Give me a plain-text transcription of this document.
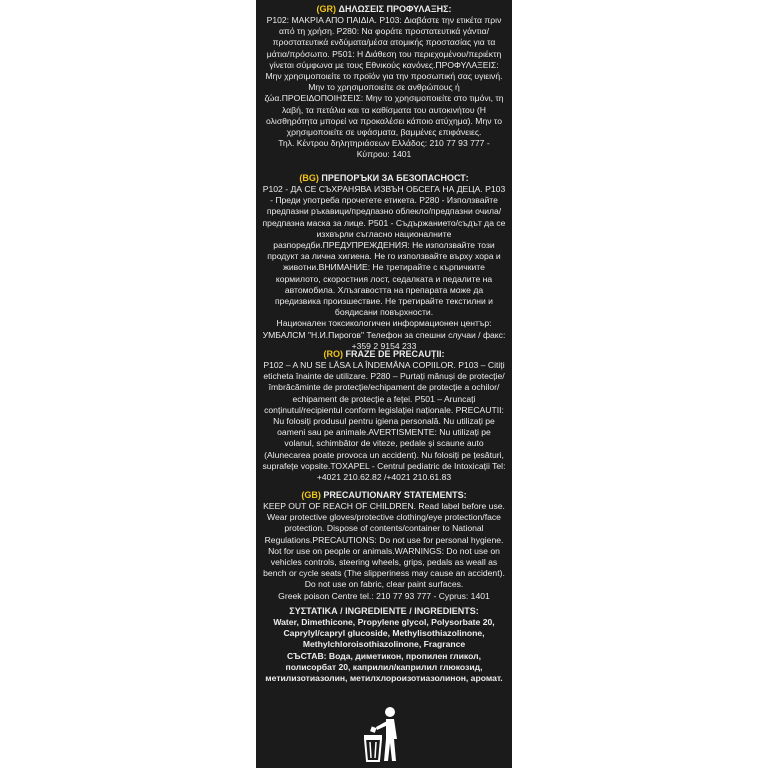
(GR) ΔΗΛΩΣΕΙΣ ΠΡΟΦΥΛΑΞΗΣ:

P102: ΜΑΚΡΙΑ ΑΠΟ ΠΑΙΔΙΑ. P103: Διαβάστε την ετικέτα πριν από τη χρήση. P280: Να φοράτε προστατευτικά γάντια/προστατευτικά ενδύματα/μέσα ατομικής προστασίας για τα μάτια/πρόσωπο. P501: Η Διάθεση του περιεχομένου/περιέκτη γίνεται σύμφωνα με τους Εθνικούς κανόνες.ΠΡΟΦΥΛΑΞΕΙΣ: Μην χρησιμοποιείτε το προϊόν για την προσωπική σας υγιεινή. Μην το χρησιμοποιείτε σε ανθρώπους ή ζώα.ΠΡΟΕΙΔΟΠΟΙΗΣΕΙΣ: Μην το χρησιμοποιείτε στο τιμόνι, τη λαβή, τα πετάλια και τα καθίσματα του αυτοκινήτου (Η ολισθηρότητα μπορεί να προκαλέσει κάποιο ατύχημα). Μην το χρησιμοποιείτε σε υφάσματα, βαμμένες επιφάνειες.

Τηλ. Κέντρου δηλητηριάσεων Ελλάδος: 210 77 93 777 - Κύπρου: 1401

(BG) ПРЕПОРЪКИ ЗА БЕЗОПАСНОСТ:

P102 - ДА СЕ СЪХРАНЯВА ИЗВЪН ОБСЕГА НА ДЕЦА. P103 - Преди употреба прочетете етикета. P280 - Използвайте предпазни ръкавици/предпазно облекло/предпазни очила/предпазна маска за лице. P501 - Съдържанието/съдът да се изхвърли съгласно националните разпоредби.ПРЕДУПРЕЖДЕНИЯ: Не използвайте този продукт за лична хигиена. Не го използвайте върху хора и животни.ВНИМАНИЕ: Не третирайте с кърпичките кормилото, скоростния лост, седалката и педалите на автомобила. Хлъзгавостта на препарата може да предизвика произшествие. Не третирайте текстилни и боядисани повърхности.

Национален токсикологичен информационен център: УМБАЛСМ "Н.И.Пирогов" Телефон за спешни случаи / факс: +359 2 9154 233

(RO) FRAZE DE PRECAUȚII:

P102 – A NU SE LĂSA LA ÎNDEMÂNA COPIILOR. P103 – Citiți eticheta înainte de utilizare. P280 – Purtați mănuși de protecție/îmbrăcăminte de protecție/echipament de protecție a ochilor/ echipament de protecție a feței. P501 – Aruncați conținutul/recipientul conform legislației naționale. PRECAUTII: Nu folosiți produsul pentru igiena personală. Nu utilizați pe oameni sau pe animale.AVERTISMENTE: Nu utilizați pe volanul, schimbător de viteze, pedale și scaune auto (Alunecarea poate provoca un accident). Nu folosiți pe țesături, suprafețe vopsite.TOXAPEL - Centrul pediatric de Intoxicații Tel: +4021 210.62.82 /+4021 210.61.83

(GB) PRECAUTIONARY STATEMENTS:

KEEP OUT OF REACH OF CHILDREN. Read label before use. Wear protective gloves/protective clothing/eye protection/face protection. Dispose of contents/container to National Regulations.PRECAUTIONS: Do not use for personal hygiene. Not for use on people or animals.WARNINGS: Do not use on vehicles controls, steering wheels, grips, pedals as weall as bench or cycle seats (The slipperiness may cause an accident). Do not use on fabric, clear paint surfaces.

Greek poison Centre tel.: 210 77 93 777 - Cyprus: 1401

ΣΥΣΤΑΤΙΚΑ / INGREDIENTE / INGREDIENTS:

Water, Dimethicone, Propylene glycol, Polysorbate 20, Caprylyl/capryl glucoside, Methylisothiazolinone, Methylchloroisothiazolinone, Fragrance

СЪСТАВ: Вода, диметикон, пропилен гликол, полисорбат 20, каприлил/каприлил глюкозид, метилизотиазолин, метилхлороизотиазолинон, аромат.
